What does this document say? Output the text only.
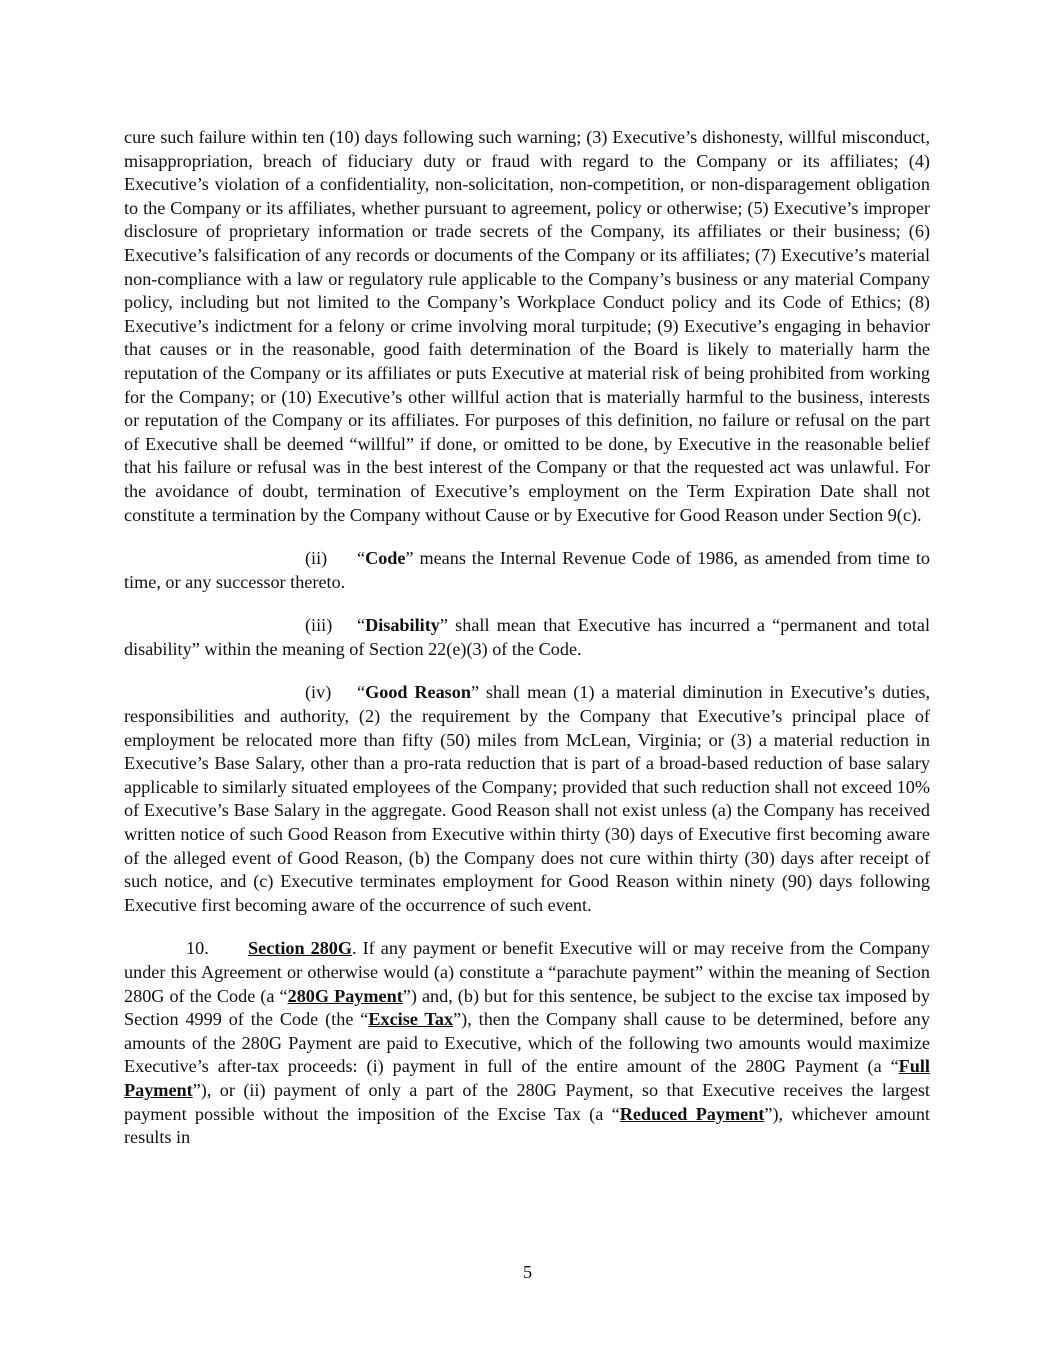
cure such failure within ten (10) days following such warning; (3) Executive’s dishonesty, willful misconduct, misappropriation, breach of fiduciary duty or fraud with regard to the Company or its affiliates; (4) Executive’s violation of a confidentiality, non-solicitation, non-competition, or non-disparagement obligation to the Company or its affiliates, whether pursuant to agreement, policy or otherwise; (5) Executive’s improper disclosure of proprietary information or trade secrets of the Company, its affiliates or their business; (6) Executive’s falsification of any records or documents of the Company or its affiliates; (7) Executive’s material non-compliance with a law or regulatory rule applicable to the Company’s business or any material Company policy, including but not limited to the Company’s Workplace Conduct policy and its Code of Ethics; (8) Executive’s indictment for a felony or crime involving moral turpitude; (9) Executive’s engaging in behavior that causes or in the reasonable, good faith determination of the Board is likely to materially harm the reputation of the Company or its affiliates or puts Executive at material risk of being prohibited from working for the Company; or (10) Executive’s other willful action that is materially harmful to the business, interests or reputation of the Company or its affiliates. For purposes of this definition, no failure or refusal on the part of Executive shall be deemed “willful” if done, or omitted to be done, by Executive in the reasonable belief that his failure or refusal was in the best interest of the Company or that the requested act was unlawful. For the avoidance of doubt, termination of Executive’s employment on the Term Expiration Date shall not constitute a termination by the Company without Cause or by Executive for Good Reason under Section 9(c).

(ii) “Code” means the Internal Revenue Code of 1986, as amended from time to time, or any successor thereto.

(iii) “Disability” shall mean that Executive has incurred a “permanent and total disability” within the meaning of Section 22(e)(3) of the Code.

(iv) “Good Reason” shall mean (1) a material diminution in Executive’s duties, responsibilities and authority, (2) the requirement by the Company that Executive’s principal place of employment be relocated more than fifty (50) miles from McLean, Virginia; or (3) a material reduction in Executive’s Base Salary, other than a pro-rata reduction that is part of a broad-based reduction of base salary applicable to similarly situated employees of the Company; provided that such reduction shall not exceed 10% of Executive’s Base Salary in the aggregate. Good Reason shall not exist unless (a) the Company has received written notice of such Good Reason from Executive within thirty (30) days of Executive first becoming aware of the alleged event of Good Reason, (b) the Company does not cure within thirty (30) days after receipt of such notice, and (c) Executive terminates employment for Good Reason within ninety (90) days following Executive first becoming aware of the occurrence of such event.

10. Section 280G. If any payment or benefit Executive will or may receive from the Company under this Agreement or otherwise would (a) constitute a “parachute payment” within the meaning of Section 280G of the Code (a “280G Payment”) and, (b) but for this sentence, be subject to the excise tax imposed by Section 4999 of the Code (the “Excise Tax”), then the Company shall cause to be determined, before any amounts of the 280G Payment are paid to Executive, which of the following two amounts would maximize Executive’s after-tax proceeds: (i) payment in full of the entire amount of the 280G Payment (a “Full Payment”), or (ii) payment of only a part of the 280G Payment, so that Executive receives the largest payment possible without the imposition of the Excise Tax (a “Reduced Payment”), whichever amount results in

5
